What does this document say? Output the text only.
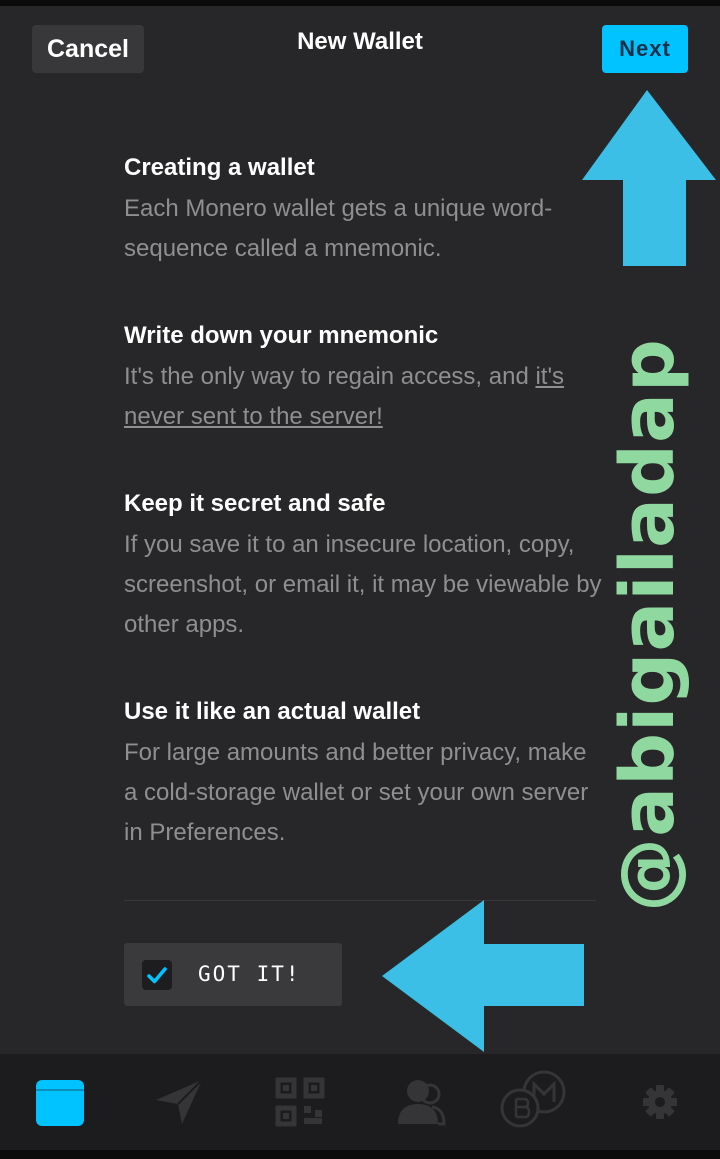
Cancel	New Wallet	Next
Creating a wallet

Each Monero wallet gets a unique word-sequence called a mnemonic.

Write down your mnemonic

It's the only way to regain access, and it's never sent to the server!

Keep it secret and safe

If you save it to an insecure location, copy, screenshot, or email it, it may be viewable by other apps.

Use it like an actual wallet

For large amounts and better privacy, make a cold-storage wallet or set your own server in Preferences.

GOT IT!
@abigailadap
